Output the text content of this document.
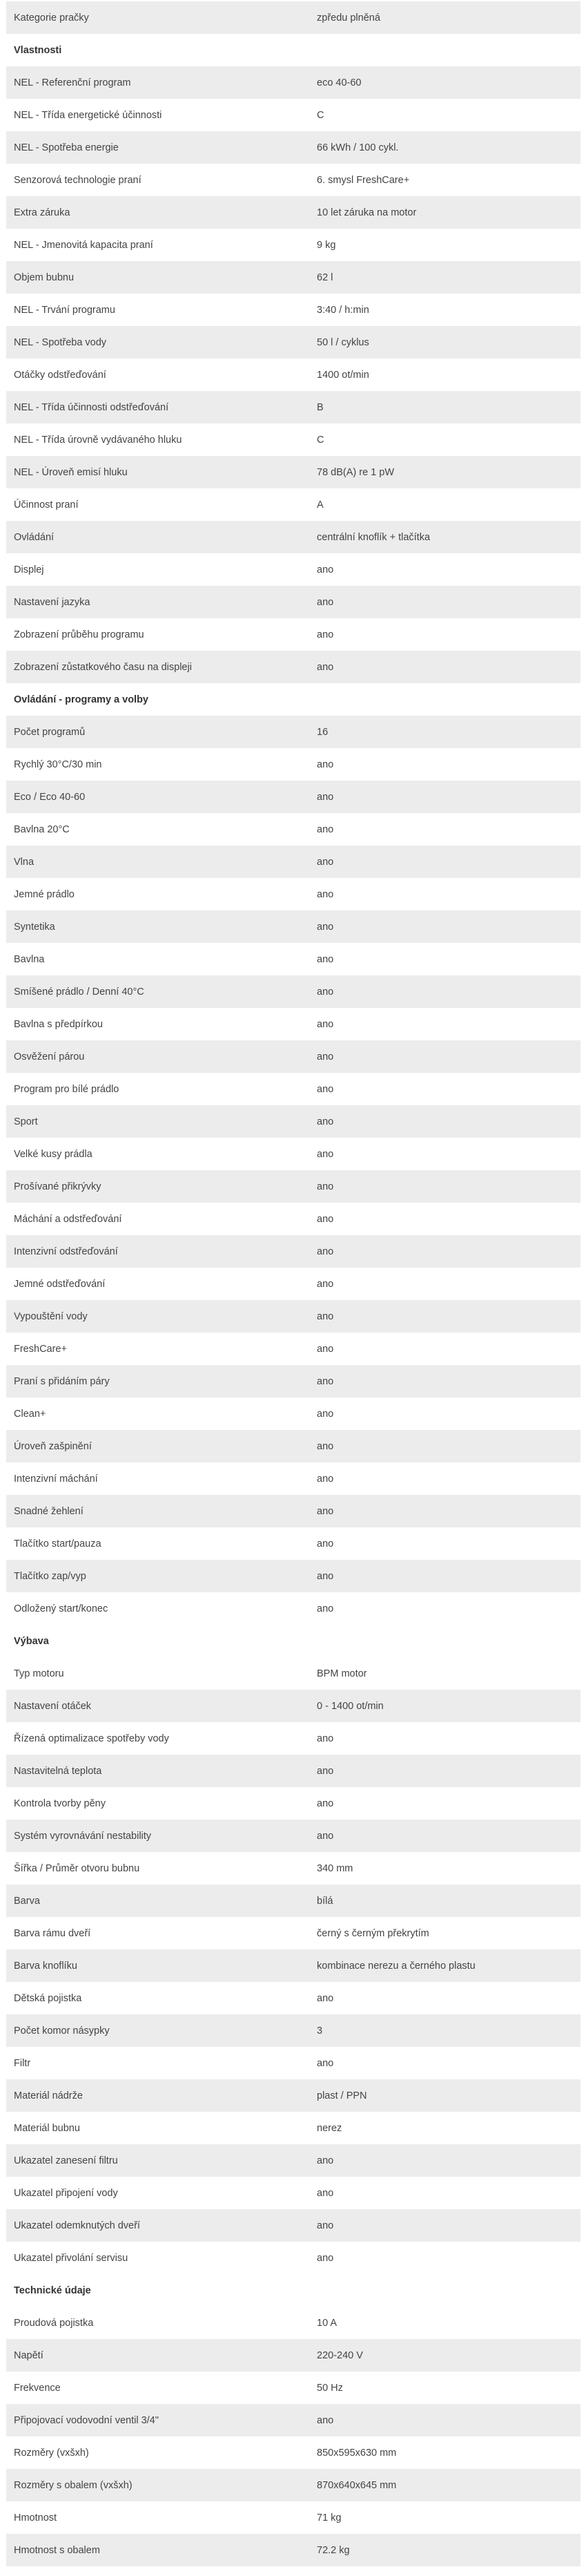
Kategorie pračky	zpředu plněná
Vlastnosti	
NEL - Referenční program	eco 40-60
NEL - Třída energetické účinnosti	C
NEL - Spotřeba energie	66 kWh / 100 cykl.
Senzorová technologie praní	6. smysl FreshCare+
Extra záruka	10 let záruka na motor
NEL - Jmenovitá kapacita praní	9 kg
Objem bubnu	62 l
NEL - Trvání programu	3:40 / h:min
NEL - Spotřeba vody	50 l / cyklus
Otáčky odstřeďování	1400 ot/min
NEL - Třída účinnosti odstřeďování	B
NEL - Třída úrovně vydávaného hluku	C
NEL - Úroveň emisí hluku	78 dB(A) re 1 pW
Účinnost praní	A
Ovládání	centrální knoflík + tlačítka
Displej	ano
Nastavení jazyka	ano
Zobrazení průběhu programu	ano
Zobrazení zůstatkového času na displeji	ano
Ovládání - programy a volby	
Počet programů	16
Rychlý 30°C/30 min	ano
Eco / Eco 40-60	ano
Bavlna 20°C	ano
Vlna	ano
Jemné prádlo	ano
Syntetika	ano
Bavlna	ano
Smíšené prádlo / Denní 40°C	ano
Bavlna s předpírkou	ano
Osvěžení párou	ano
Program pro bílé prádlo	ano
Sport	ano
Velké kusy prádla	ano
Prošívané přikrývky	ano
Máchání a odstřeďování	ano
Intenzivní odstřeďování	ano
Jemné odstřeďování	ano
Vypouštění vody	ano
FreshCare+	ano
Praní s přidáním páry	ano
Clean+	ano
Úroveň zašpinění	ano
Intenzivní máchání	ano
Snadné žehlení	ano
Tlačítko start/pauza	ano
Tlačítko zap/vyp	ano
Odložený start/konec	ano
Výbava	
Typ motoru	BPM motor
Nastavení otáček	0 - 1400 ot/min
Řízená optimalizace spotřeby vody	ano
Nastavitelná teplota	ano
Kontrola tvorby pěny	ano
Systém vyrovnávání nestability	ano
Šířka / Průměr otvoru bubnu	340 mm
Barva	bílá
Barva rámu dveří	černý s černým překrytím
Barva knoflíku	kombinace nerezu a černého plastu
Dětská pojistka	ano
Počet komor násypky	3
Filtr	ano
Materiál nádrže	plast / PPN
Materiál bubnu	nerez
Ukazatel zanesení filtru	ano
Ukazatel připojení vody	ano
Ukazatel odemknutých dveří	ano
Ukazatel přivolání servisu	ano
Technické údaje	
Proudová pojistka	10 A
Napětí	220-240 V
Frekvence	50 Hz
Připojovací vodovodní ventil 3/4"	ano
Rozměry (vxšxh)	850x595x630 mm
Rozměry s obalem (vxšxh)	870x640x645 mm
Hmotnost	71 kg
Hmotnost s obalem	72.2 kg
